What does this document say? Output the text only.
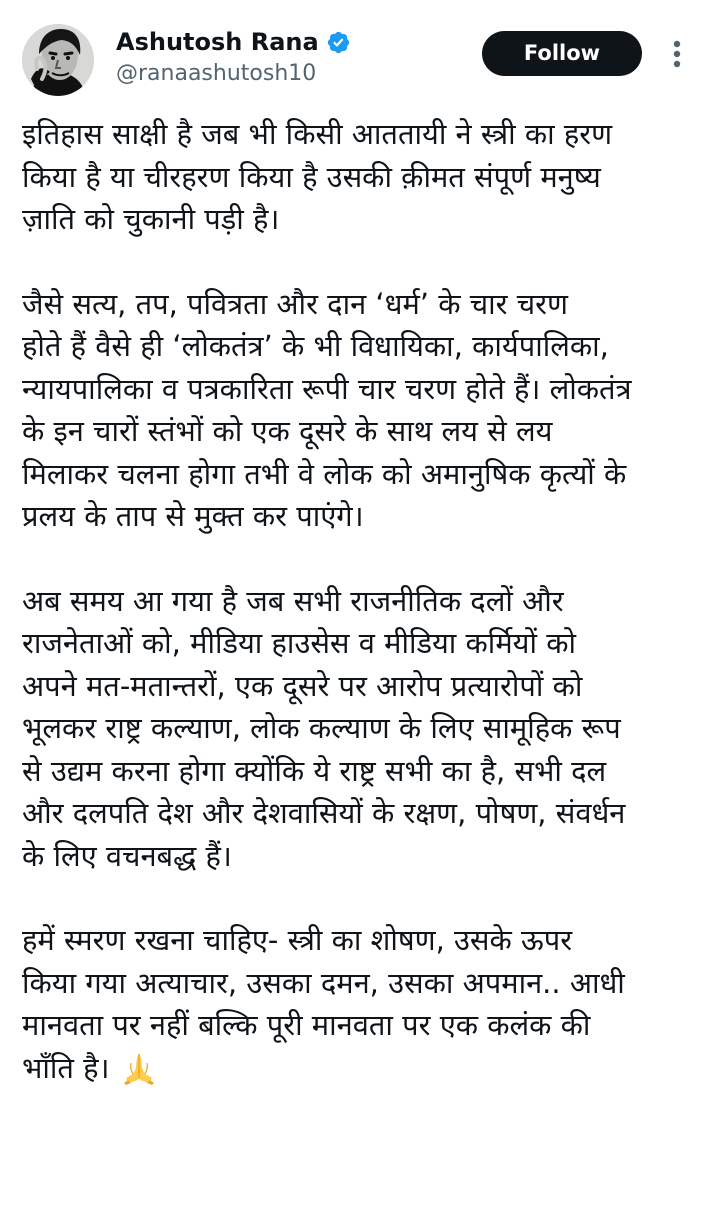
Ashutosh Rana
@ranaashutosh10
Follow

इतिहास साक्षी है जब भी किसी आततायी ने स्त्री का हरण
किया है या चीरहरण किया है उसकी क़ीमत संपूर्ण मनुष्य
ज़ाति को चुकानी पड़ी है।

जैसे सत्य, तप, पवित्रता और दान ‘धर्म’ के चार चरण
होते हैं वैसे ही ‘लोकतंत्र’ के भी विधायिका, कार्यपालिका,
न्यायपालिका व पत्रकारिता रूपी चार चरण होते हैं। लोकतंत्र
के इन चारों स्तंभों को एक दूसरे के साथ लय से लय
मिलाकर चलना होगा तभी वे लोक को अमानुषिक कृत्यों के
प्रलय के ताप से मुक्त कर पाएंगे।

अब समय आ गया है जब सभी राजनीतिक दलों और
राजनेताओं को, मीडिया हाउसेस व मीडिया कर्मियों को
अपने मत-मतान्तरों, एक दूसरे पर आरोप प्रत्यारोपों को
भूलकर राष्ट्र कल्याण, लोक कल्याण के लिए सामूहिक रूप
से उद्यम करना होगा क्योंकि ये राष्ट्र सभी का है, सभी दल
और दलपति देश और देशवासियों के रक्षण, पोषण, संवर्धन
के लिए वचनबद्ध हैं।

हमें स्मरण रखना चाहिए- स्त्री का शोषण, उसके ऊपर
किया गया अत्याचार, उसका दमन, उसका अपमान.. आधी
मानवता पर नहीं बल्कि पूरी मानवता पर एक कलंक की
भाँति है।
